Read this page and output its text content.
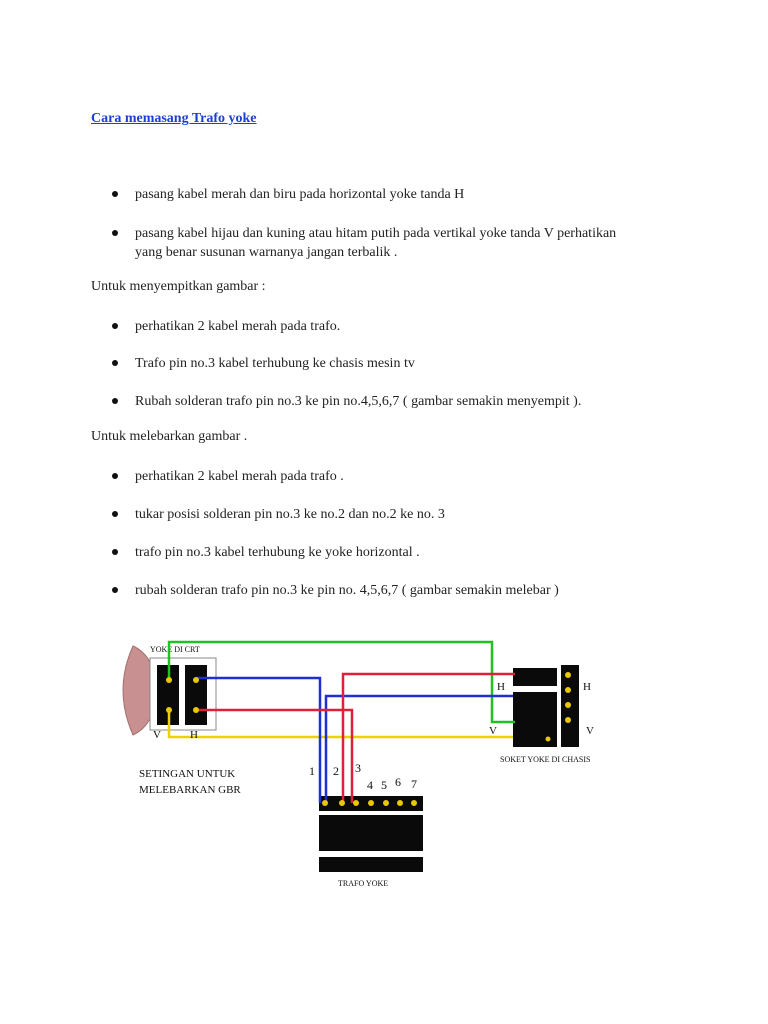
Cara memasang Trafo yoke
pasang kabel merah dan biru pada horizontal yoke tanda H
pasang kabel hijau dan kuning atau hitam putih pada vertikal yoke tanda V perhatikan
yang benar susunan warnanya jangan terbalik .
Untuk menyempitkan gambar :
perhatikan 2 kabel merah pada trafo.
Trafo pin no.3 kabel terhubung ke chasis mesin tv
Rubah solderan trafo pin no.3 ke pin no.4,5,6,7 ( gambar semakin menyempit ).
Untuk melebarkan gambar .
perhatikan 2 kabel merah pada trafo .
tukar posisi solderan pin no.3 ke no.2 dan no.2 ke no. 3
trafo pin no.3 kabel terhubung ke yoke horizontal .
rubah solderan trafo pin no.3 ke pin no. 4,5,6,7 ( gambar semakin melebar )
YOKE DI CRT
SOKET YOKE DI CHASIS
TRAFO YOKE
1 2 3
4 5 6 7
V	H
H	H
V	V
SETINGAN UNTUK
MELEBARKAN GBR
